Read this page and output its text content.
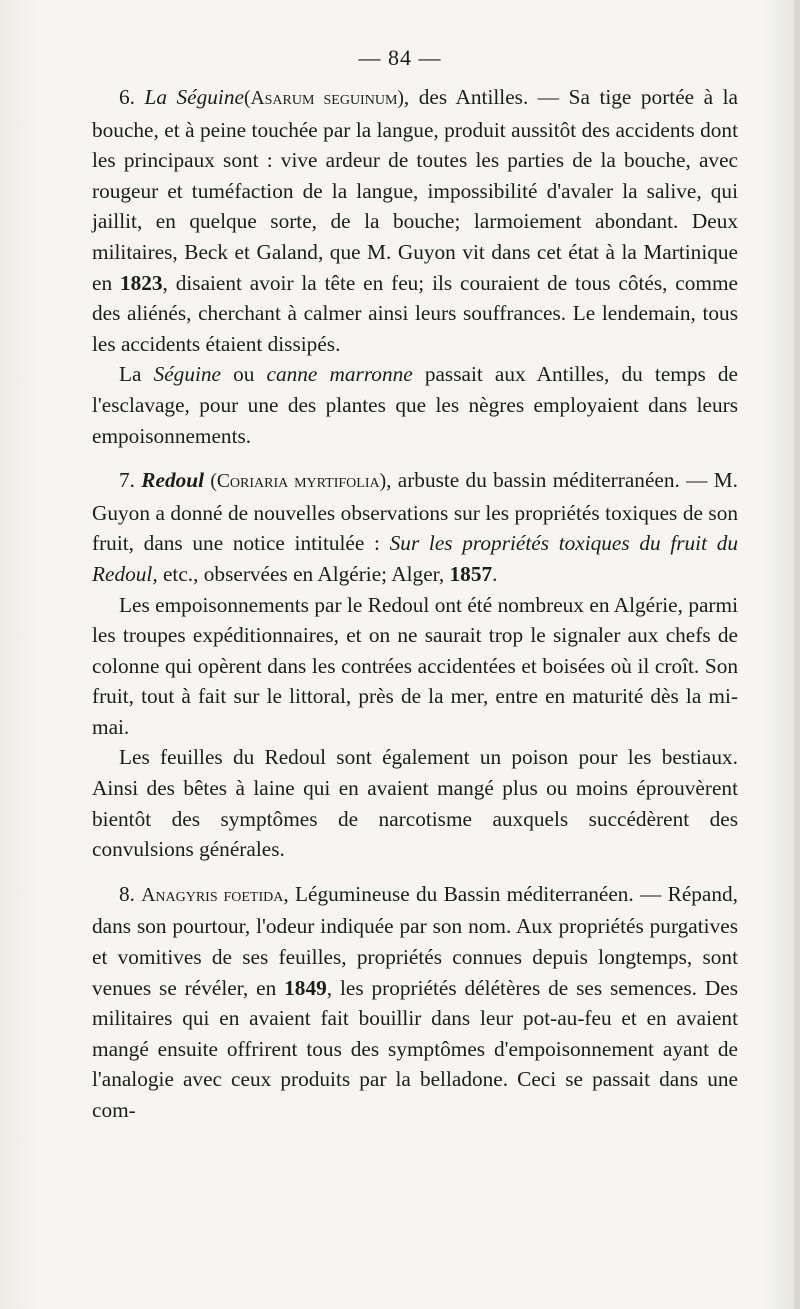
— 84 —

6. La Séguine(Asarum seguinum), des Antilles. — Sa tige portée à la bouche, et à peine touchée par la langue, produit aussitôt des accidents dont les principaux sont : vive ardeur de toutes les parties de la bouche, avec rougeur et tuméfaction de la langue, impossibilité d'avaler la salive, qui jaillit, en quelque sorte, de la bouche; larmoiement abondant. Deux militaires, Beck et Galand, que M. Guyon vit dans cet état à la Martinique en 1823, disaient avoir la tête en feu; ils couraient de tous côtés, comme des aliénés, cherchant à calmer ainsi leurs souffrances. Le lendemain, tous les accidents étaient dissipés.

La Séguine ou canne marronne passait aux Antilles, du temps de l'esclavage, pour une des plantes que les nègres employaient dans leurs empoisonnements.

7. Redoul (Coriaria myrtifolia), arbuste du bassin méditerranéen. — M. Guyon a donné de nouvelles observations sur les propriétés toxiques de son fruit, dans une notice intitulée : Sur les propriétés toxiques du fruit du Redoul, etc., observées en Algérie; Alger, 1857.

Les empoisonnements par le Redoul ont été nombreux en Algérie, parmi les troupes expéditionnaires, et on ne saurait trop le signaler aux chefs de colonne qui opèrent dans les contrées accidentées et boisées où il croît. Son fruit, tout à fait sur le littoral, près de la mer, entre en maturité dès la mi-mai.

Les feuilles du Redoul sont également un poison pour les bestiaux. Ainsi des bêtes à laine qui en avaient mangé plus ou moins éprouvèrent bientôt des symptômes de narcotisme auxquels succédèrent des convulsions générales.

8. Anagyris foetida, Légumineuse du Bassin méditerranéen. — Répand, dans son pourtour, l'odeur indiquée par son nom. Aux propriétés purgatives et vomitives de ses feuilles, propriétés connues depuis longtemps, sont venues se révéler, en 1849, les propriétés délétères de ses semences. Des militaires qui en avaient fait bouillir dans leur pot-au-feu et en avaient mangé ensuite offrirent tous des symptômes d'empoisonnement ayant de l'analogie avec ceux produits par la belladone. Ceci se passait dans une com-
